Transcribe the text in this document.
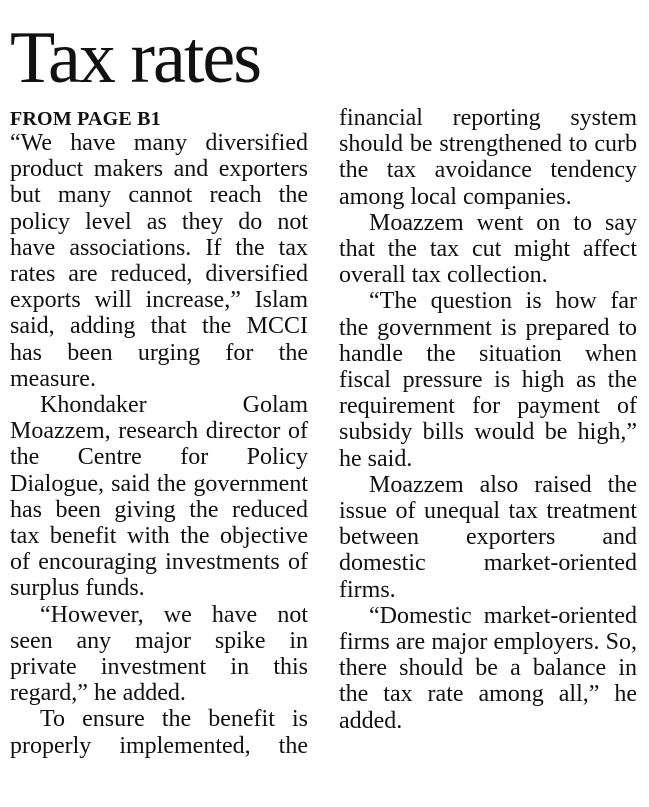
Tax rates
FROM PAGE B1

“We have many diversified product makers and exporters but many cannot reach the policy level as they do not have associations. If the tax rates are reduced, diversified exports will increase,” Islam said, adding that the MCCI has been urging for the measure.

Khondaker Golam Moazzem, research director of the Centre for Policy Dialogue, said the government has been giving the reduced tax benefit with the objective of encouraging investments of surplus funds.

“However, we have not seen any major spike in private investment in this regard,” he added.

To ensure the benefit is properly implemented, the

financial reporting system should be strengthened to curb the tax avoidance tendency among local companies.

Moazzem went on to say that the tax cut might affect overall tax collection.

“The question is how far the government is prepared to handle the situation when fiscal pressure is high as the requirement for payment of subsidy bills would be high,” he said.

Moazzem also raised the issue of unequal tax treatment between exporters and domestic market-oriented firms.

“Domestic market-oriented firms are major employers. So, there should be a balance in the tax rate among all,” he added.
